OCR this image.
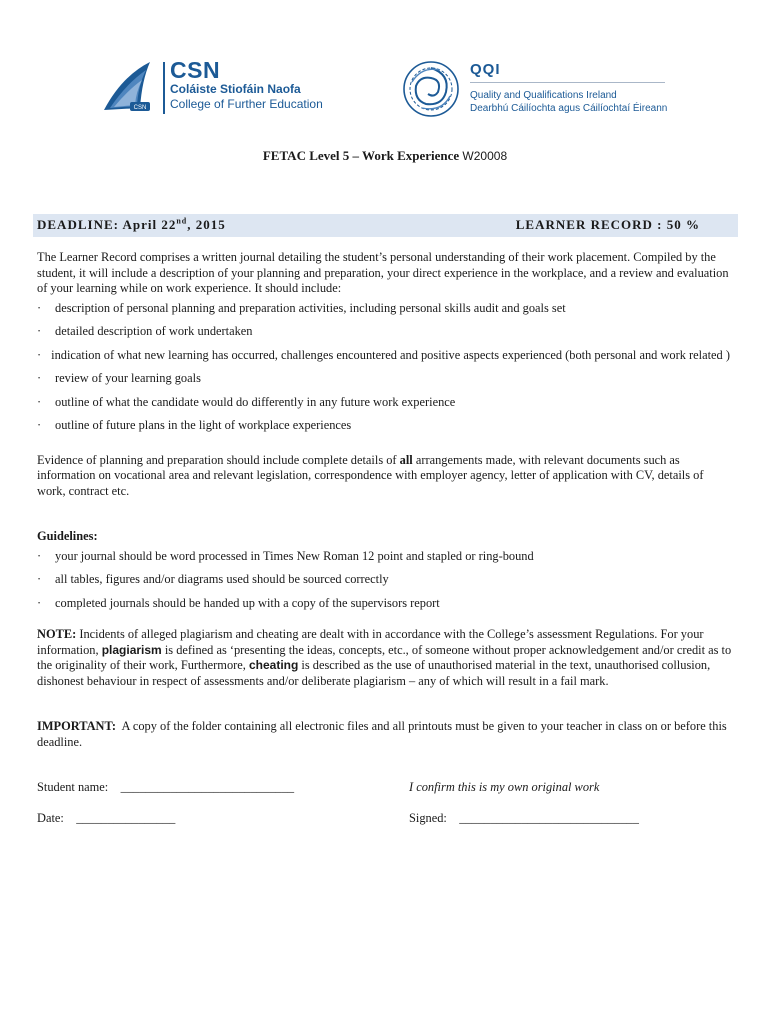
CSN
CSN
Coláiste Stiofáin Naofa
College of Further Education
QQI
Quality and Qualifications Ireland
Dearbhú Cáilíochta agus Cáilíochtaí Éireann
FETAC Level 5 – Work Experience W20008
DEADLINE: April 22nd, 2015	LEARNER RECORD : 50 %

The Learner Record comprises a written journal detailing the student’s personal understanding of their work placement. Compiled by the student, it will include a description of your planning and preparation, your direct experience in the workplace, and a review and evaluation of your learning while on work experience. It should include:

· description of personal planning and preparation activities, including personal skills audit and goals set
· detailed description of work undertaken
· indication of what new learning has occurred, challenges encountered and positive aspects experienced (both personal and work related )
· review of your learning goals
· outline of what the candidate would do differently in any future work experience
· outline of future plans in the light of workplace experiences

Evidence of planning and preparation should include complete details of all arrangements made, with relevant documents such as information on vocational area and relevant legislation, correspondence with employer agency, letter of application with CV, details of work, contract etc.

Guidelines:

· your journal should be word processed in Times New Roman 12 point and stapled or ring-bound
· all tables, figures and/or diagrams used should be sourced correctly
· completed journals should be handed up with a copy of the supervisors report

NOTE: Incidents of alleged plagiarism and cheating are dealt with in accordance with the College’s assessment Regulations. For your information, plagiarism is defined as ‘presenting the ideas, concepts, etc., of someone without proper acknowledgement and/or credit as to the originality of their work, Furthermore, cheating is described as the use of unauthorised material in the text, unauthorised collusion, dishonest behaviour in respect of assessments and/or deliberate plagiarism – any of which will result in a fail mark.

IMPORTANT:  A copy of the folder containing all electronic files and all printouts must be given to your teacher in class on or before this deadline.

Student name: ____________________________	I confirm this is my own original work
Date: ________________	Signed: _____________________________
